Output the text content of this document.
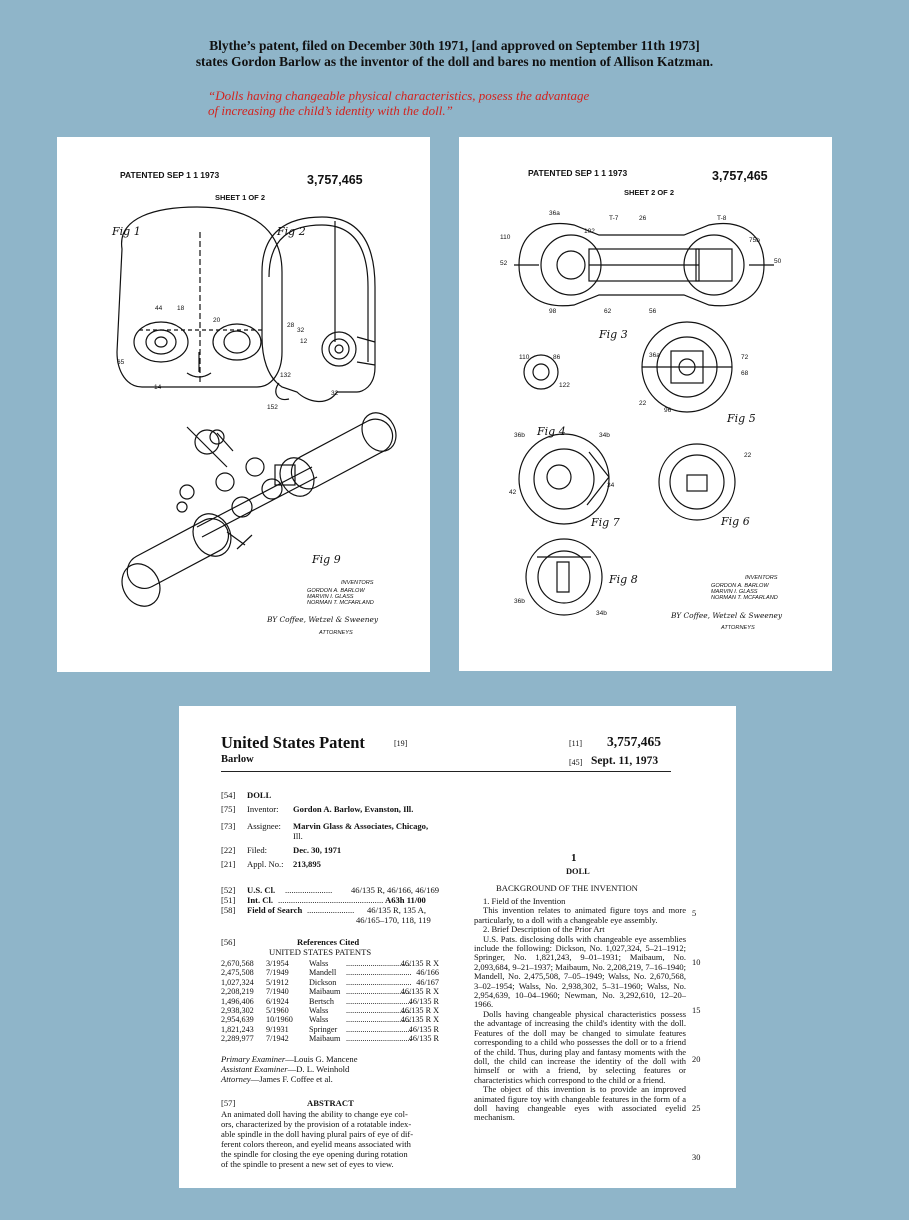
Blythe’s patent, filed on December 30th 1971, [and approved on September 11th 1973]
states Gordon Barlow as the inventor of the doll and bares no mention of Allison Katzman.
“Dolls having changeable physical characteristics, posess the advantage
of increasing the child’s identity with the doll.”
PATENTED SEP 1 1 1973	3,757,465
SHEET 1 OF 2
28
32
12
65
14
132
32
18
44
20
152
Fig 1	Fig 2
Fig 9
INVENTORS
GORDON A. BARLOW
MARVIN I. GLASS
NORMAN T. MCFARLAND
BY Coffee, Wetzel & Sweeney
ATTORNEYS
PATENTED SEP 1 1 1973	3,757,465
SHEET 2 OF 2
36a
T-7	T-8
102
26
75b
110
52	50
98	62	56
110	86
122
36a	72
68
22
96
22
36b	34b
42
34
36b
34b
Fig 3
Fig 4
Fig 5
Fig 6
Fig 7
Fig 8	INVENTORS
GORDON A. BARLOW
MARVIN I. GLASS
NORMAN T. MCFARLAND
BY Coffee, Wetzel & Sweeney
ATTORNEYS
United States Patent	[19]
Barlow
[11] 3,757,465
[45] Sept. 11, 1973
[54] DOLL
[75] Inventor: Gordon A. Barlow, Evanston, Ill.
[73] Assignee: Marvin Glass & Associates, Chicago,
Ill.
[22] Filed:	Dec. 30, 1971
[21] Appl. No.: 213,895
[52] U.S. Cl. ...................... 46/135 R, 46/166, 46/169
[51] Int. Cl. ................................................. A63h 11/00
[58] Field of Search ...................... 46/135 R, 135 A,
46/165–170, 118, 119
[56]	References Cited
UNITED STATES PATENTS
2,670,568 3/1954 Walss	46/135 R X
................................
2,475,508 7/1949 Mandell	46/166
................................
1,027,324 5/1912 Dickson	46/167
................................
2,208,219 7/1940 Maibaum	46/135 R X
................................
1,496,406 6/1924 Bertsch	46/135 R
................................
2,938,302 5/1960 Walss	46/135 R X
................................
2,954,639 10/1960 Walss	46/135 R X
................................
1,821,243 9/1931 Springer	46/135 R
................................
2,289,977 7/1942 Maibaum	46/135 R
................................
Primary Examiner—Louis G. Mancene
Assistant Examiner—D. L. Weinhold
Attorney—James F. Coffee et al.
[57]	ABSTRACT
An animated doll having the ability to change eye col-
ors, characterized by the provision of a rotatable index-
able spindle in the doll having plural pairs of eye of dif-
ferent colors thereon, and eyelid means associated with
the spindle for closing the eye opening during rotation
of the spindle to present a new set of eyes to view.
1
DOLL
BACKGROUND OF THE INVENTION

1. Field of the Invention

This invention relates to animated figure toys and more particularly, to a doll with a changeable eye assembly.

2. Brief Description of the Prior Art

U.S. Pats. disclosing dolls with changeable eye assemblies include the following: Dickson, No. 1,027,324, 5–21–1912; Springer, No. 1,821,243, 9–01–1931; Maibaum, No. 2,093,684, 9–21–1937; Maibaum, No. 2,208,219, 7–16–1940; Mandell, No. 2,475,508, 7–05–1949; Walss, No. 2,670,568, 3–02–1954; Walss, No. 2,938,302, 5–31–1960; Walss, No. 2,954,639, 10–04–1960; Newman, No. 3,292,610, 12–20–1966.

Dolls having changeable physical characteristics possess the advantage of increasing the child's identity with the doll. Features of the doll may be changed to simulate features corresponding to a child who possesses the doll or to a friend of the child. Thus, during play and fantasy moments with the doll, the child can increase the identity of the doll with himself or with a friend, by selecting features or characteristics which correspond to the child or a friend.

The object of this invention is to provide an improved animated figure toy with changeable features in the form of a doll having changeable eyes with associated eyelid mechanism.

5
10
15
20
25
30
